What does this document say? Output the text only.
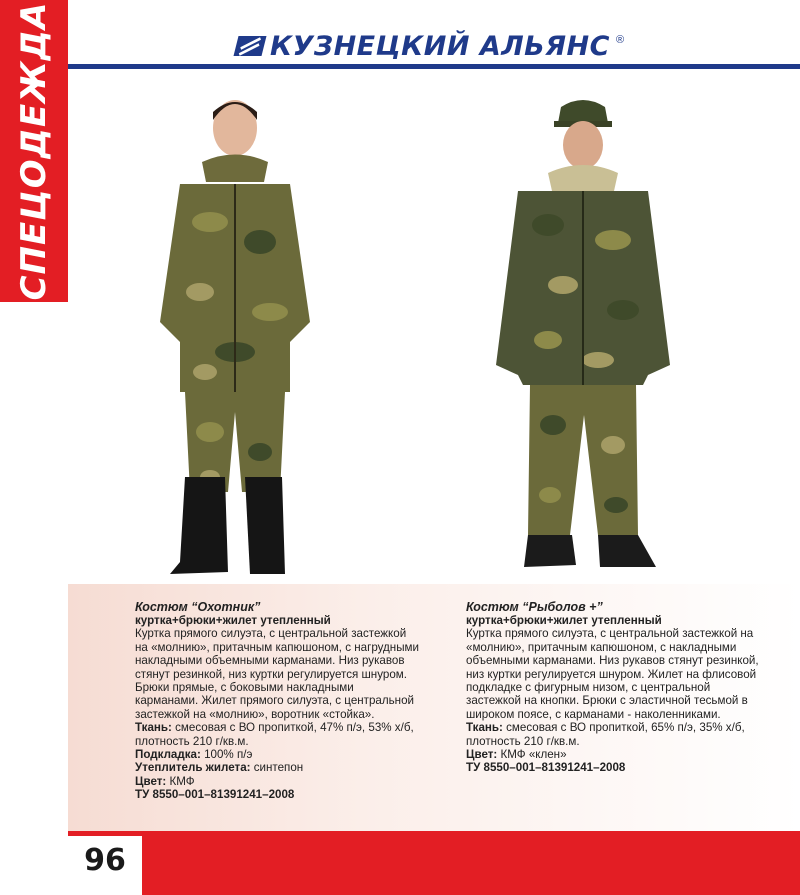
СПЕЦОДЕЖДА	КУЗНЕЦКИЙ АЛЬЯНС ®

Костюм “Охотник”

куртка+брюки+жилет утепленный

Куртка прямого силуэта, с центральной застежкой на «молнию», притачным капюшоном, с нагрудными накладными объемными карманами. Низ рукавов стянут резинкой, низ куртки регулируется шнуром. Брюки прямые, с боковыми накладными карманами. Жилет прямого силуэта, с центральной застежкой на «молнию», воротник «стойка».

Ткань: смесовая с ВО пропиткой, 47% п/э, 53% х/б, плотность 210 г/кв.м.

Подкладка: 100% п/э

Утеплитель жилета: синтепон

Цвет: КМФ

ТУ 8550–001–81391241–2008

Костюм “Рыболов +”

куртка+брюки+жилет утепленный

Куртка прямого силуэта, с центральной застежкой на «молнию», притачным капюшоном, с накладными объемными карманами. Низ рукавов стянут резинкой, низ куртки регулируется шнуром. Жилет на флисовой подкладке с фигурным низом, с центральной застежкой на кнопки. Брюки с эластичной тесьмой в широком поясе, с карманами - наколенниками.

Ткань: смесовая с ВО пропиткой, 65% п/э, 35% х/б, плотность 210 г/кв.м.

Цвет: КМФ «клен»

ТУ 8550–001–81391241–2008

96
